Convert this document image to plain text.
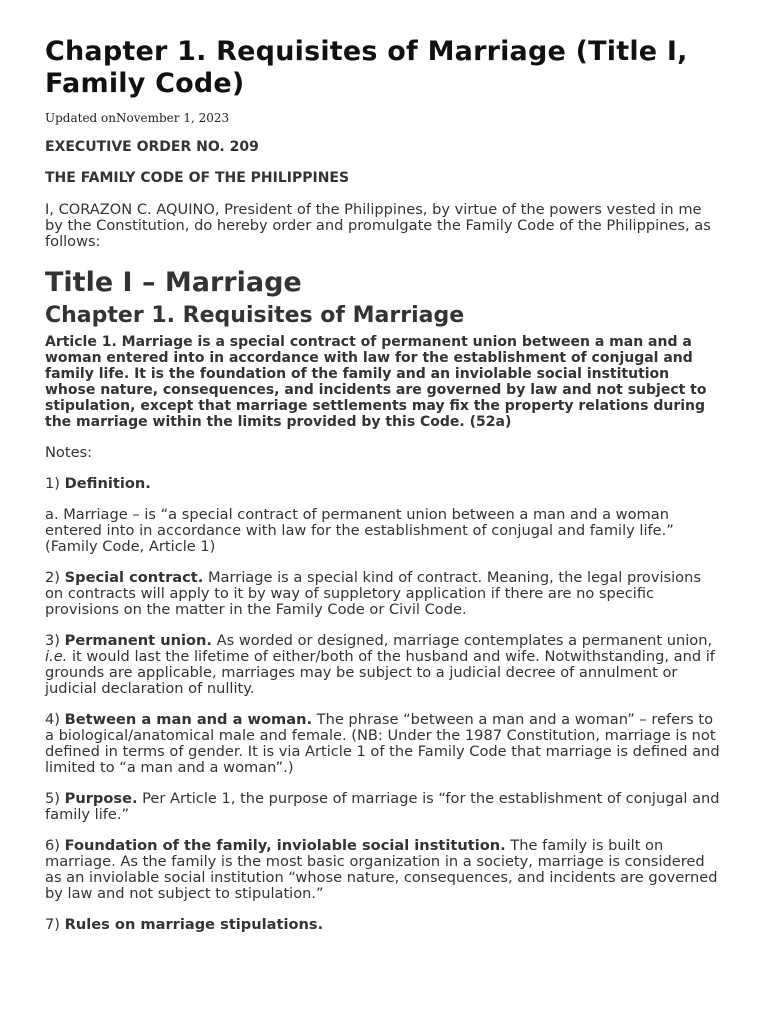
Chapter 1. Requisites of Marriage (Title I, Family Code)
Updated onNovember 1, 2023
EXECUTIVE ORDER NO. 209
THE FAMILY CODE OF THE PHILIPPINES

I, CORAZON C. AQUINO, President of the Philippines, by virtue of the powers vested in me by the Constitution, do hereby order and promulgate the Family Code of the Philippines, as follows:

Title I – Marriage
Chapter 1. Requisites of Marriage

Article 1. Marriage is a special contract of permanent union between a man and a woman entered into in accordance with law for the establishment of conjugal and family life. It is the foundation of the family and an inviolable social institution whose nature, consequences, and incidents are governed by law and not subject to stipulation, except that marriage settlements may fix the property relations during the marriage within the limits provided by this Code. (52a)

Notes:

1) Definition.

a. Marriage – is “a special contract of permanent union between a man and a woman entered into in accordance with law for the establishment of conjugal and family life.” (Family Code, Article 1)

2) Special contract. Marriage is a special kind of contract. Meaning, the legal provisions on contracts will apply to it by way of suppletory application if there are no specific provisions on the matter in the Family Code or Civil Code.

3) Permanent union. As worded or designed, marriage contemplates a permanent union, i.e. it would last the lifetime of either/both of the husband and wife. Notwithstanding, and if grounds are applicable, marriages may be subject to a judicial decree of annulment or judicial declaration of nullity.

4) Between a man and a woman. The phrase “between a man and a woman” – refers to a biological/anatomical male and female. (NB: Under the 1987 Constitution, marriage is not defined in terms of gender. It is via Article 1 of the Family Code that marriage is defined and limited to “a man and a woman”.)

5) Purpose. Per Article 1, the purpose of marriage is “for the establishment of conjugal and family life.”

6) Foundation of the family, inviolable social institution. The family is built on marriage. As the family is the most basic organization in a society, marriage is considered as an inviolable social institution “whose nature, consequences, and incidents are governed by law and not subject to stipulation.”

7) Rules on marriage stipulations.
